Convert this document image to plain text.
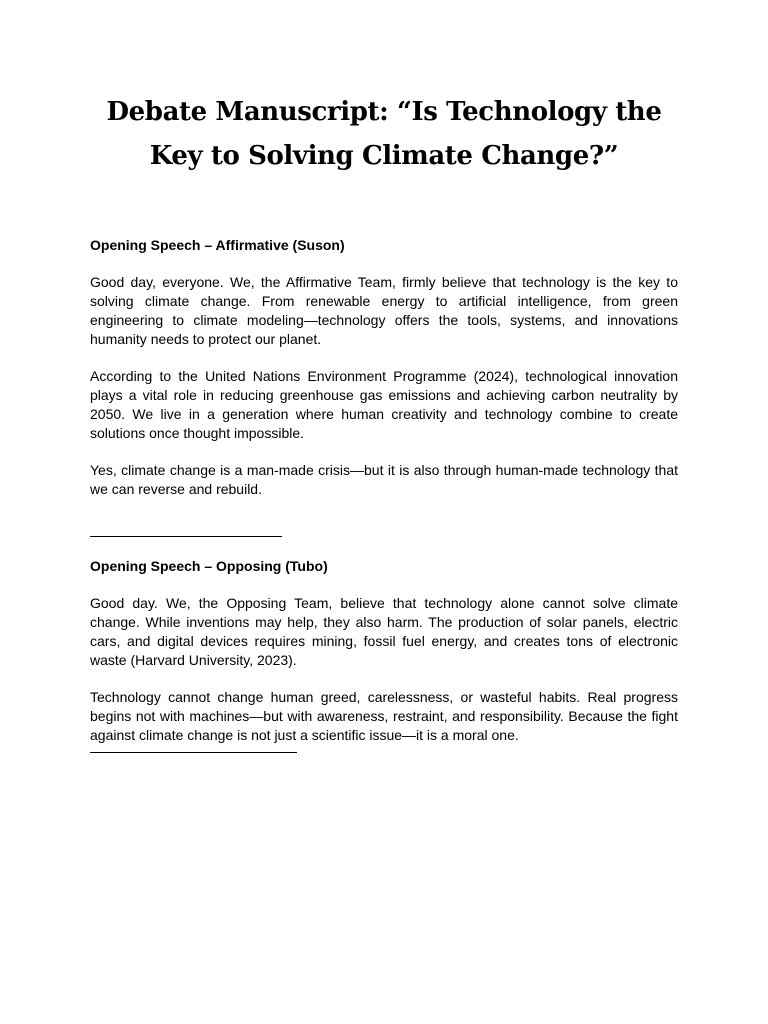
Debate Manuscript: “Is Technology the
Key to Solving Climate Change?”
Opening Speech – Affirmative (Suson)

Good day, everyone. We, the Affirmative Team, firmly believe that technology is the key to solving climate change. From renewable energy to artificial intelligence, from green engineering to climate modeling—technology offers the tools, systems, and innovations humanity needs to protect our planet.

According to the United Nations Environment Programme (2024), technological innovation plays a vital role in reducing greenhouse gas emissions and achieving carbon neutrality by 2050. We live in a generation where human creativity and technology combine to create solutions once thought impossible.

Yes, climate change is a man-made crisis—but it is also through human-made technology that we can reverse and rebuild.

Opening Speech – Opposing (Tubo)

Good day. We, the Opposing Team, believe that technology alone cannot solve climate change. While inventions may help, they also harm. The production of solar panels, electric cars, and digital devices requires mining, fossil fuel energy, and creates tons of electronic waste (Harvard University, 2023).

Technology cannot change human greed, carelessness, or wasteful habits. Real progress begins not with machines—but with awareness, restraint, and responsibility. Because the fight against climate change is not just a scientific issue—it is a moral one.
